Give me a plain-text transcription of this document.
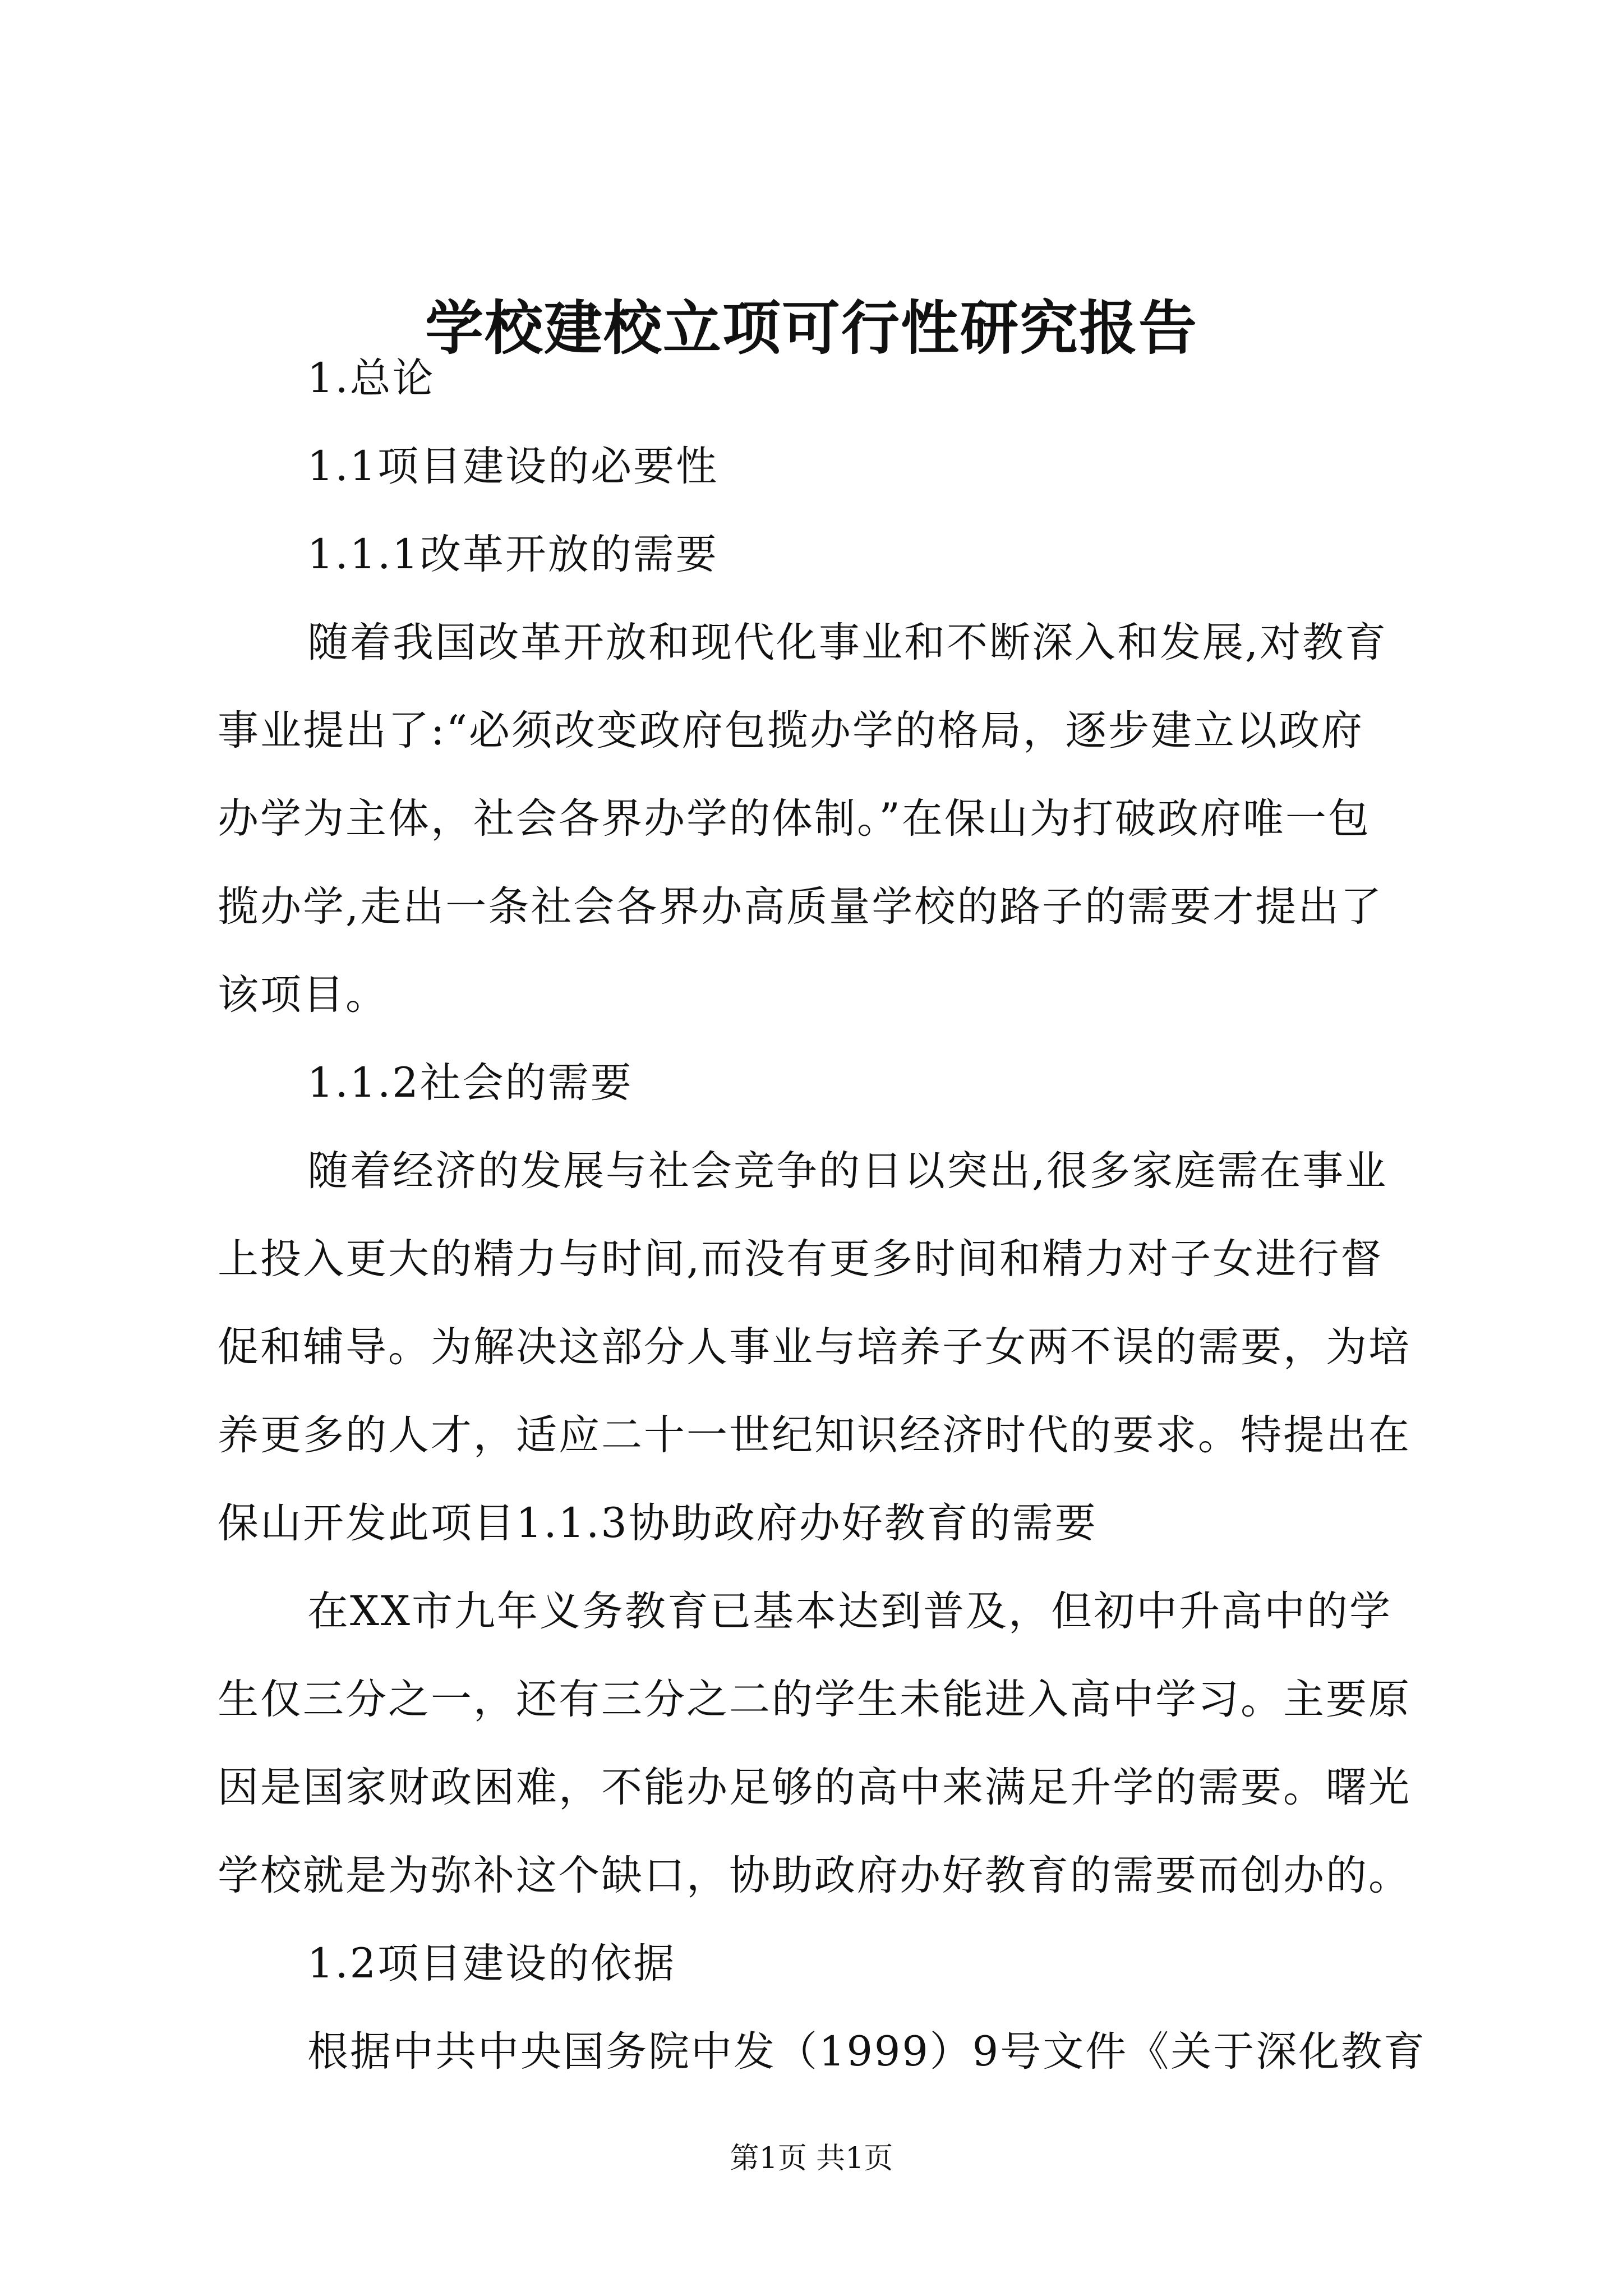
学校建校立项可行性研究报告
1.总论
1.1项目建设的必要性
1.1.1改革开放的需要
随着我国改革开放和现代化事业和不断深入和发展,对教育
事业提出了:“必须改变政府包揽办学的格局，逐步建立以政府
办学为主体，社会各界办学的体制。”在保山为打破政府唯一包
揽办学,走出一条社会各界办高质量学校的路子的需要才提出了
该项目。
1.1.2社会的需要
随着经济的发展与社会竞争的日以突出,很多家庭需在事业
上投入更大的精力与时间,而没有更多时间和精力对子女进行督
促和辅导。为解决这部分人事业与培养子女两不误的需要，为培
养更多的人才，适应二十一世纪知识经济时代的要求。特提出在
保山开发此项目1.1.3协助政府办好教育的需要
在XX市九年义务教育已基本达到普及，但初中升高中的学
生仅三分之一，还有三分之二的学生未能进入高中学习。主要原
因是国家财政困难，不能办足够的高中来满足升学的需要。曙光
学校就是为弥补这个缺口，协助政府办好教育的需要而创办的。
1.2项目建设的依据
根据中共中央国务院中发（1999）9号文件《关于深化教育
第1页 共1页
